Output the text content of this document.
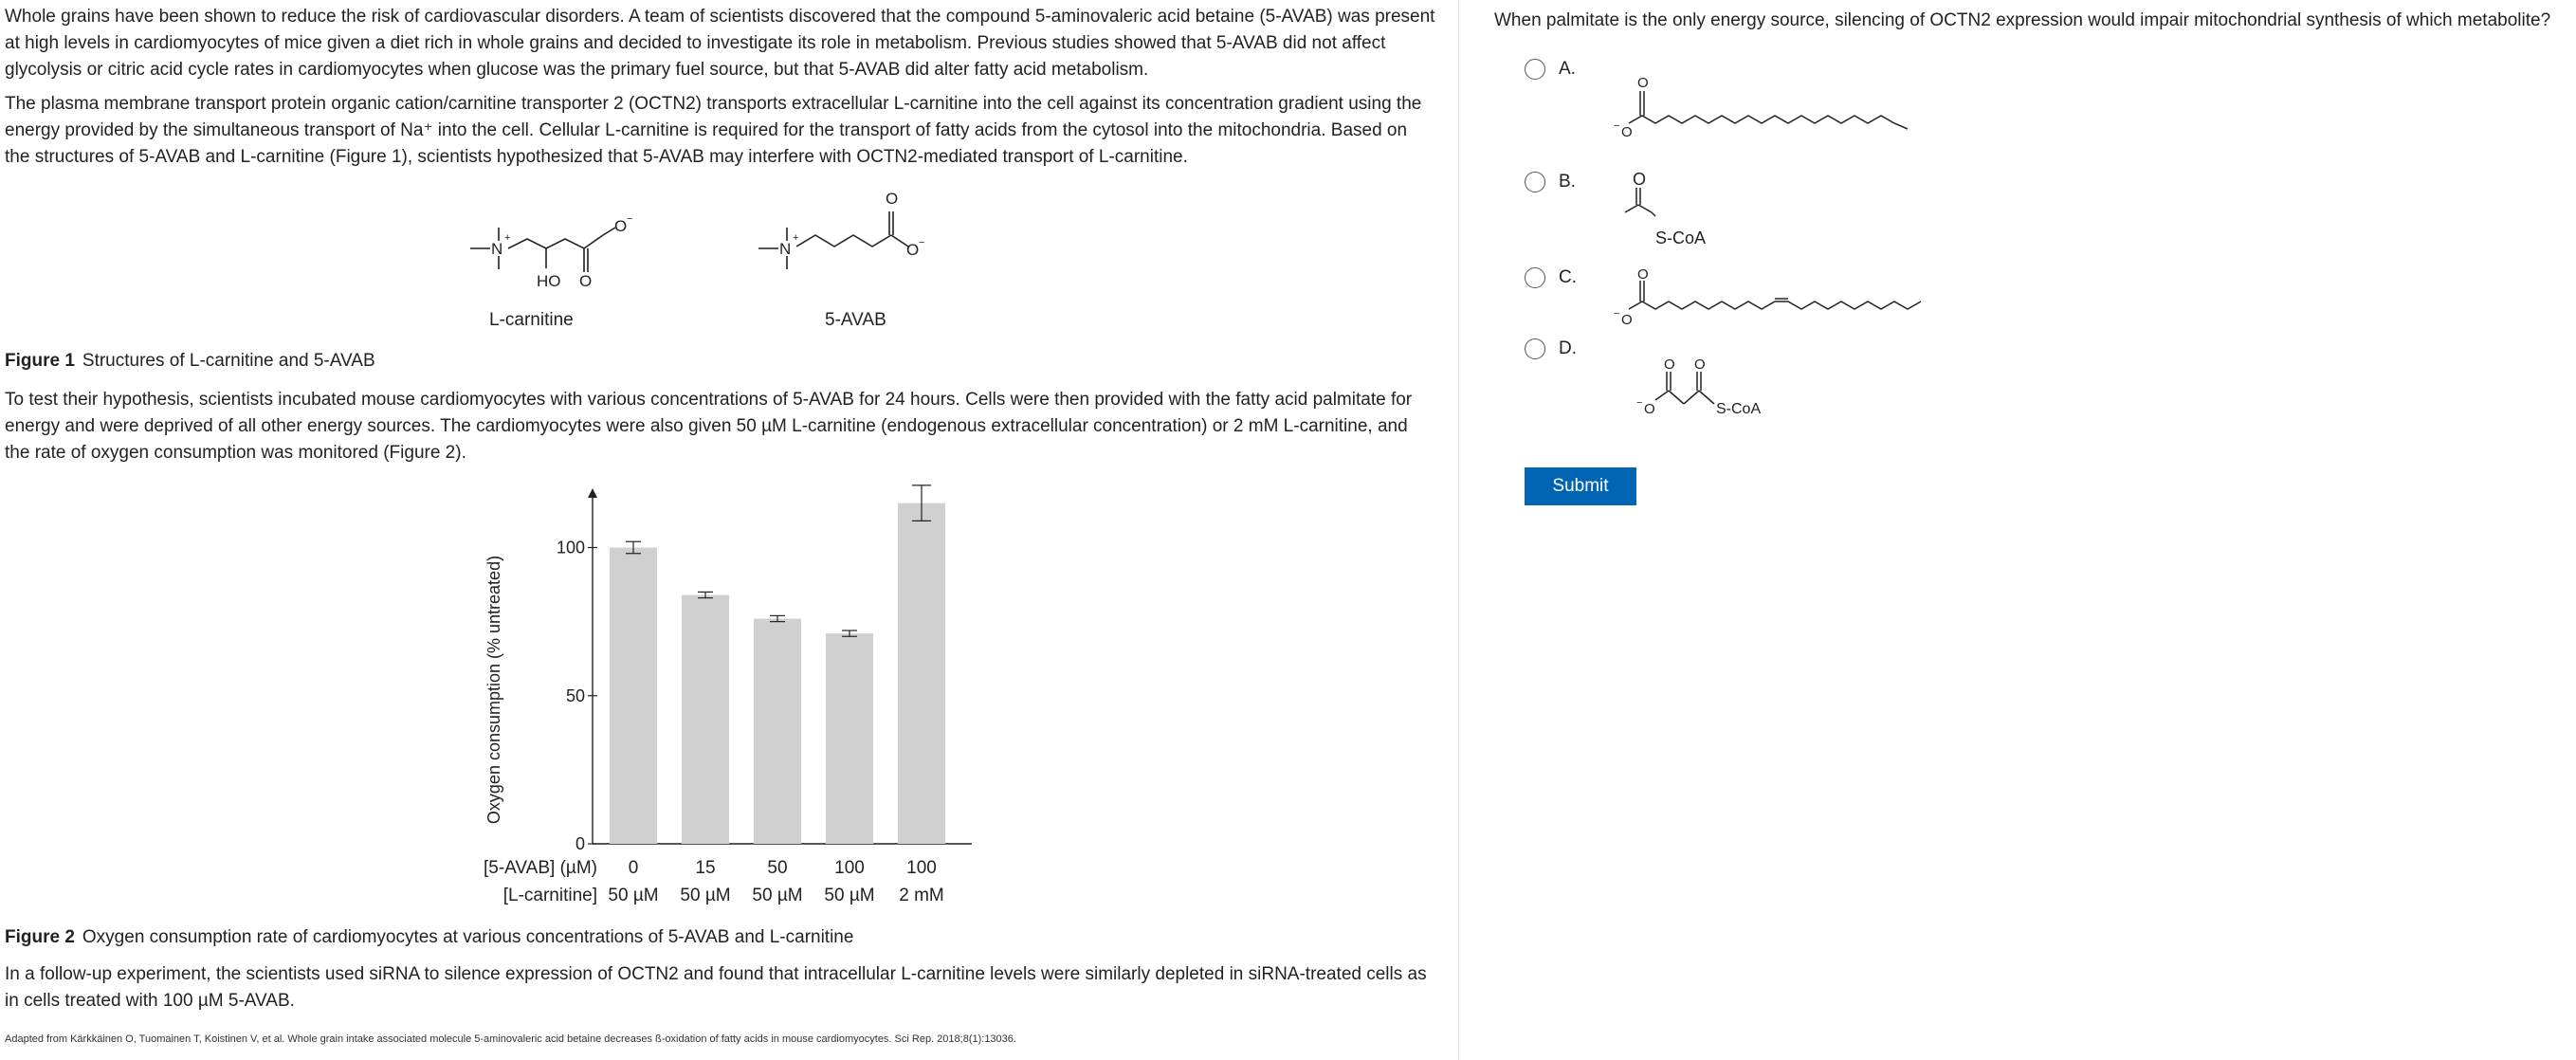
Whole grains have been shown to reduce the risk of cardiovascular disorders. A team of scientists discovered that the compound 5-aminovaleric acid betaine (5-AVAB) was present at high levels in cardiomyocytes of mice given a diet rich in whole grains and decided to investigate its role in metabolism. Previous studies showed that 5-AVAB did not affect glycolysis or citric acid cycle rates in cardiomyocytes when glucose was the primary fuel source, but that 5-AVAB did alter fatty acid metabolism.

The plasma membrane transport protein organic cation/carnitine transporter 2 (OCTN2) transports extracellular L-carnitine into the cell against its concentration gradient using the energy provided by the simultaneous transport of Na⁺ into the cell. Cellular L-carnitine is required for the transport of fatty acids from the cytosol into the mitochondria. Based on the structures of 5-AVAB and L-carnitine (Figure 1), scientists hypothesized that 5-AVAB may interfere with OCTN2-mediated transport of L-carnitine.

N
+
O −
O
HO
N
+
O −
O
L-carnitine	5-AVAB
Figure 1 Structures of L-carnitine and 5-AVAB

To test their hypothesis, scientists incubated mouse cardiomyocytes with various concentrations of 5-AVAB for 24 hours. Cells were then provided with the fatty acid palmitate for energy and were deprived of all other energy sources. The cardiomyocytes were also given 50 µM L-carnitine (endogenous extracellular concentration) or 2 mM L-carnitine, and the rate of oxygen consumption was monitored (Figure 2).

0
50
100
Oxygen consumption (% untreated)
0
50 µM
15
50 µM
50
50 µM
100
50 µM
100
2 mM
[5-AVAB] (µM)
[L-carnitine]
Figure 2 Oxygen consumption rate of cardiomyocytes at various concentrations of 5-AVAB and L-carnitine

In a follow-up experiment, the scientists used siRNA to silence expression of OCTN2 and found that intracellular L-carnitine levels were similarly depleted in siRNA-treated cells as in cells treated with 100 µM 5-AVAB.

Adapted from Kärkkäinen O, Tuomainen T, Koistinen V, et al. Whole grain intake associated molecule 5-aminovaleric acid betaine decreases ß-oxidation of fatty acids in mouse cardiomyocytes. Sci Rep. 2018;8(1):13036.
When palmitate is the only energy source, silencing of OCTN2 expression would impair mitochondrial synthesis of which metabolite?
A.
O
O
−
B.	O
S-CoA
C.	O
O
−
D.
O O
O
−	S-CoA
Submit
